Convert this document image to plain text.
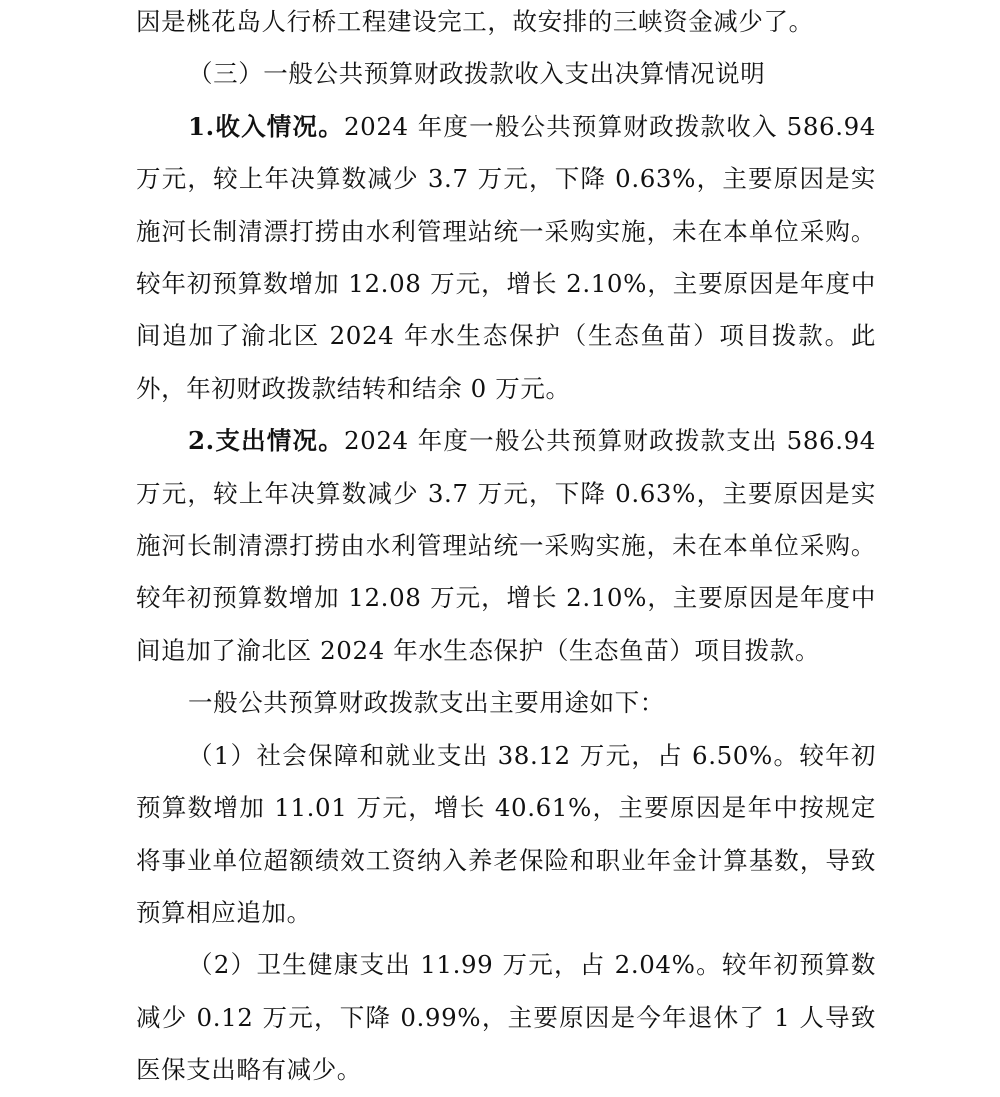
因是桃花岛人行桥工程建设完工，故安排的三峡资金减少了。

（三）一般公共预算财政拨款收入支出决算情况说明

1.收入情况。2024 年度一般公共预算财政拨款收入 586.94 万元，较上年决算数减少 3.7 万元，下降 0.63%，主要原因是实施河长制清漂打捞由水利管理站统一采购实施，未在本单位采购。较年初预算数增加 12.08 万元，增长 2.10%，主要原因是年度中间追加了渝北区 2024 年水生态保护（生态鱼苗）项目拨款。此外，年初财政拨款结转和结余 0 万元。

2.支出情况。2024 年度一般公共预算财政拨款支出 586.94 万元，较上年决算数减少 3.7 万元，下降 0.63%，主要原因是实施河长制清漂打捞由水利管理站统一采购实施，未在本单位采购。较年初预算数增加 12.08 万元，增长 2.10%，主要原因是年度中间追加了渝北区 2024 年水生态保护（生态鱼苗）项目拨款。

一般公共预算财政拨款支出主要用途如下：

（1）社会保障和就业支出 38.12 万元，占 6.50%。较年初预算数增加 11.01 万元，增长 40.61%，主要原因是年中按规定将事业单位超额绩效工资纳入养老保险和职业年金计算基数，导致预算相应追加。

（2）卫生健康支出 11.99 万元，占 2.04%。较年初预算数减少 0.12 万元，下降 0.99%，主要原因是今年退休了 1 人导致医保支出略有减少。
